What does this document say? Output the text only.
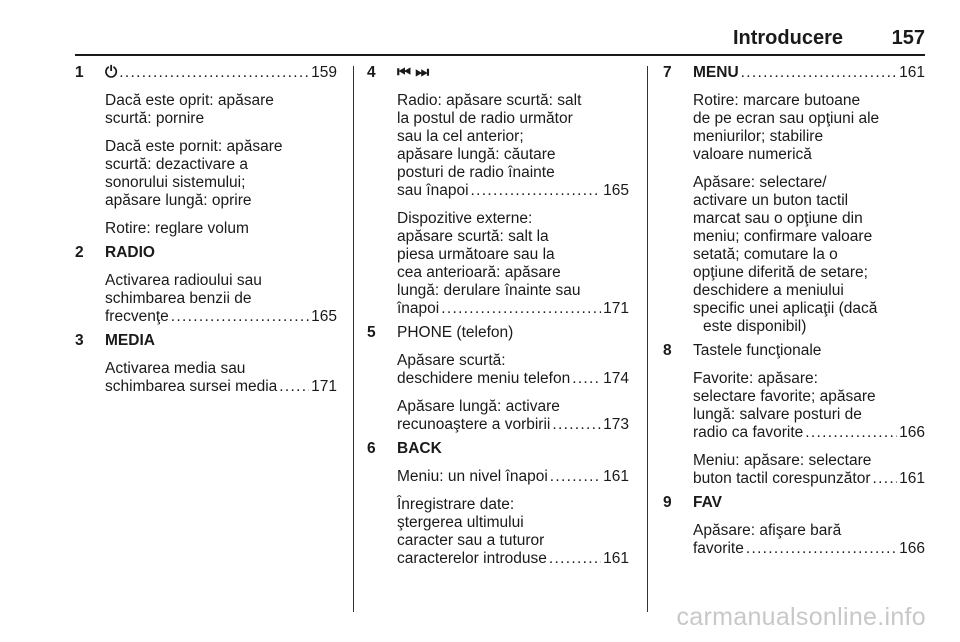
Introducere 157
1 ⏻ . . .	159
Dacă este oprit: apăsare
scurtă: pornire
Dacă este pornit: apăsare
scurtă: dezactivare a
sonorului sistemului;
apăsare lungă: oprire
Rotire: reglare volum
2 RADIO
Activarea radioului sau
schimbarea benzii de
frecvenţe . . .	165
3 MEDIA
Activarea media sau
schimbarea sursei media . . . 171
4 ⏮ ⏭
Radio: apăsare scurtă: salt
la postul de radio următor
sau la cel anterior;
apăsare lungă: căutare
posturi de radio înainte
sau înapoi . . .	165
Dispozitive externe:
apăsare scurtă: salt la
piesa următoare sau la
cea anterioară: apăsare
lungă: derulare înainte sau
înapoi . . .	171
5 PHONE (telefon)
Apăsare scurtă:
deschidere meniu telefon . . . 174
Apăsare lungă: activare
recunoaştere a vorbirii . . .	173
6 BACK
Meniu: un nivel înapoi . . .	161
Înregistrare date:
ştergerea ultimului
caracter sau a tuturor
caracterelor introduse . . .	161
7 MENU . . .	161
Rotire: marcare butoane
de pe ecran sau opţiuni ale
meniurilor; stabilire
valoare numerică
Apăsare: selectare/
activare un buton tactil
marcat sau o opţiune din
meniu; confirmare valoare
setată; comutare la o
opţiune diferită de setare;
deschidere a meniului
specific unei aplicaţii (dacă
este disponibil)
8 Tastele funcţionale
Favorite: apăsare:
selectare favorite; apăsare
lungă: salvare posturi de
radio ca favorite . . .	166
Meniu: apăsare: selectare
buton tactil corespunzător . . . 161
9 FAV
Apăsare: afişare bară
favorite . . .	166
carmanualsonline.info
